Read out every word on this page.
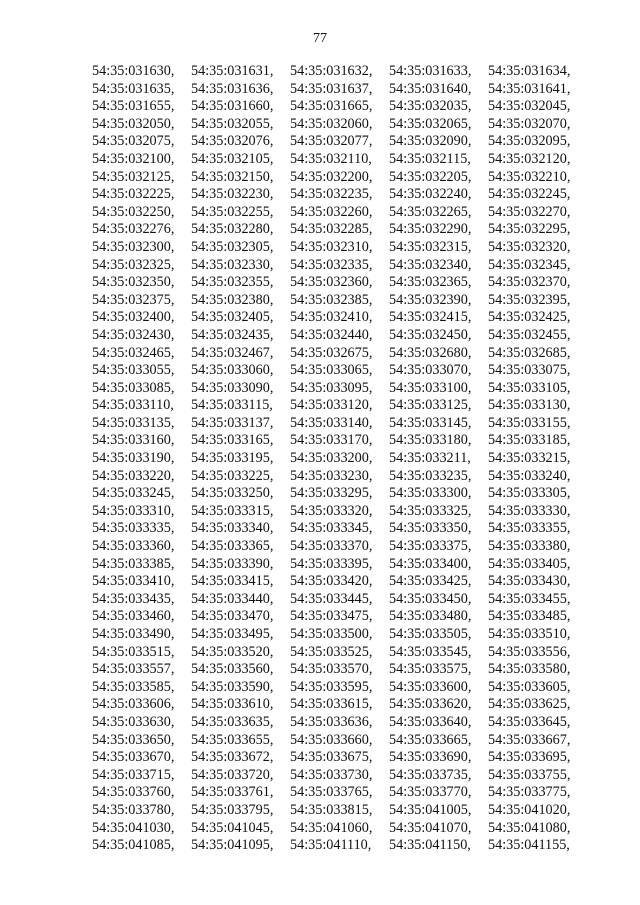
77
54:35:031630,	54:35:031631,	54:35:031632,	54:35:031633,	54:35:031634,
54:35:031635,	54:35:031636,	54:35:031637,	54:35:031640,	54:35:031641,
54:35:031655,	54:35:031660,	54:35:031665,	54:35:032035,	54:35:032045,
54:35:032050,	54:35:032055,	54:35:032060,	54:35:032065,	54:35:032070,
54:35:032075,	54:35:032076,	54:35:032077,	54:35:032090,	54:35:032095,
54:35:032100,	54:35:032105,	54:35:032110,	54:35:032115,	54:35:032120,
54:35:032125,	54:35:032150,	54:35:032200,	54:35:032205,	54:35:032210,
54:35:032225,	54:35:032230,	54:35:032235,	54:35:032240,	54:35:032245,
54:35:032250,	54:35:032255,	54:35:032260,	54:35:032265,	54:35:032270,
54:35:032276,	54:35:032280,	54:35:032285,	54:35:032290,	54:35:032295,
54:35:032300,	54:35:032305,	54:35:032310,	54:35:032315,	54:35:032320,
54:35:032325,	54:35:032330,	54:35:032335,	54:35:032340,	54:35:032345,
54:35:032350,	54:35:032355,	54:35:032360,	54:35:032365,	54:35:032370,
54:35:032375,	54:35:032380,	54:35:032385,	54:35:032390,	54:35:032395,
54:35:032400,	54:35:032405,	54:35:032410,	54:35:032415,	54:35:032425,
54:35:032430,	54:35:032435,	54:35:032440,	54:35:032450,	54:35:032455,
54:35:032465,	54:35:032467,	54:35:032675,	54:35:032680,	54:35:032685,
54:35:033055,	54:35:033060,	54:35:033065,	54:35:033070,	54:35:033075,
54:35:033085,	54:35:033090,	54:35:033095,	54:35:033100,	54:35:033105,
54:35:033110,	54:35:033115,	54:35:033120,	54:35:033125,	54:35:033130,
54:35:033135,	54:35:033137,	54:35:033140,	54:35:033145,	54:35:033155,
54:35:033160,	54:35:033165,	54:35:033170,	54:35:033180,	54:35:033185,
54:35:033190,	54:35:033195,	54:35:033200,	54:35:033211,	54:35:033215,
54:35:033220,	54:35:033225,	54:35:033230,	54:35:033235,	54:35:033240,
54:35:033245,	54:35:033250,	54:35:033295,	54:35:033300,	54:35:033305,
54:35:033310,	54:35:033315,	54:35:033320,	54:35:033325,	54:35:033330,
54:35:033335,	54:35:033340,	54:35:033345,	54:35:033350,	54:35:033355,
54:35:033360,	54:35:033365,	54:35:033370,	54:35:033375,	54:35:033380,
54:35:033385,	54:35:033390,	54:35:033395,	54:35:033400,	54:35:033405,
54:35:033410,	54:35:033415,	54:35:033420,	54:35:033425,	54:35:033430,
54:35:033435,	54:35:033440,	54:35:033445,	54:35:033450,	54:35:033455,
54:35:033460,	54:35:033470,	54:35:033475,	54:35:033480,	54:35:033485,
54:35:033490,	54:35:033495,	54:35:033500,	54:35:033505,	54:35:033510,
54:35:033515,	54:35:033520,	54:35:033525,	54:35:033545,	54:35:033556,
54:35:033557,	54:35:033560,	54:35:033570,	54:35:033575,	54:35:033580,
54:35:033585,	54:35:033590,	54:35:033595,	54:35:033600,	54:35:033605,
54:35:033606,	54:35:033610,	54:35:033615,	54:35:033620,	54:35:033625,
54:35:033630,	54:35:033635,	54:35:033636,	54:35:033640,	54:35:033645,
54:35:033650,	54:35:033655,	54:35:033660,	54:35:033665,	54:35:033667,
54:35:033670,	54:35:033672,	54:35:033675,	54:35:033690,	54:35:033695,
54:35:033715,	54:35:033720,	54:35:033730,	54:35:033735,	54:35:033755,
54:35:033760,	54:35:033761,	54:35:033765,	54:35:033770,	54:35:033775,
54:35:033780,	54:35:033795,	54:35:033815,	54:35:041005,	54:35:041020,
54:35:041030,	54:35:041045,	54:35:041060,	54:35:041070,	54:35:041080,
54:35:041085,	54:35:041095,	54:35:041110,	54:35:041150,	54:35:041155,
